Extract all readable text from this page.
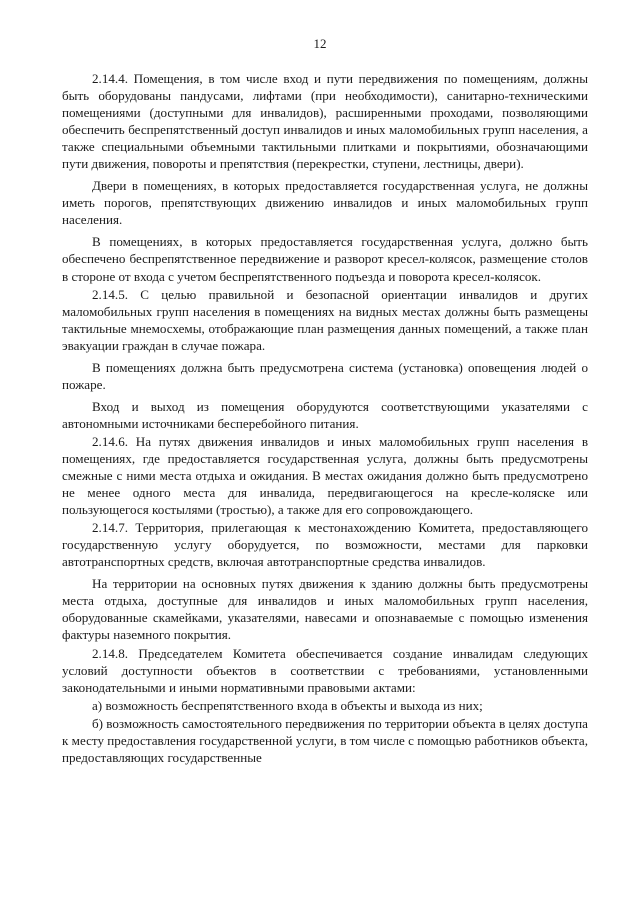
12

2.14.4. Помещения, в том числе вход и пути передвижения по помещениям, должны быть оборудованы пандусами, лифтами (при необходимости), санитарно-техническими помещениями (доступными для инвалидов), расширенными проходами, позволяющими обеспечить беспрепятственный доступ инвалидов и иных маломобильных групп населения, а также специальными объемными тактильными плитками и покрытиями, обозначающими пути движения, повороты и препятствия (перекрестки, ступени, лестницы, двери).

Двери в помещениях, в которых предоставляется государственная услуга, не должны иметь порогов, препятствующих движению инвалидов и иных маломобильных групп населения.

В помещениях, в которых предоставляется государственная услуга, должно быть обеспечено беспрепятственное передвижение и разворот кресел-колясок, размещение столов в стороне от входа с учетом беспрепятственного подъезда и поворота кресел-колясок.

2.14.5. С целью правильной и безопасной ориентации инвалидов и других маломобильных групп населения в помещениях на видных местах должны быть размещены тактильные мнемосхемы, отображающие план размещения данных помещений, а также план эвакуации граждан в случае пожара.

В помещениях должна быть предусмотрена система (установка) оповещения людей о пожаре.

Вход и выход из помещения оборудуются соответствующими указателями с автономными источниками бесперебойного питания.

2.14.6. На путях движения инвалидов и иных маломобильных групп населения в помещениях, где предоставляется государственная услуга, должны быть предусмотрены смежные с ними места отдыха и ожидания. В местах ожидания должно быть предусмотрено не менее одного места для инвалида, передвигающегося на кресле-коляске или пользующегося костылями (тростью), а также для его сопровождающего.

2.14.7. Территория, прилегающая к местонахождению Комитета, предоставляющего государственную услугу оборудуется, по возможности, местами для парковки автотранспортных средств, включая автотранспортные средства инвалидов.

На территории на основных путях движения к зданию должны быть предусмотрены места отдыха, доступные для инвалидов и иных маломобильных групп населения, оборудованные скамейками, указателями, навесами и опознаваемые с помощью изменения фактуры наземного покрытия.

2.14.8. Председателем Комитета обеспечивается создание инвалидам следующих условий доступности объектов в соответствии с требованиями, установленными законодательными и иными нормативными правовыми актами:

а) возможность беспрепятственного входа в объекты и выхода из них;

б) возможность самостоятельного передвижения по территории объекта в целях доступа к месту предоставления государственной услуги, в том числе с помощью работников объекта, предоставляющих государственные
